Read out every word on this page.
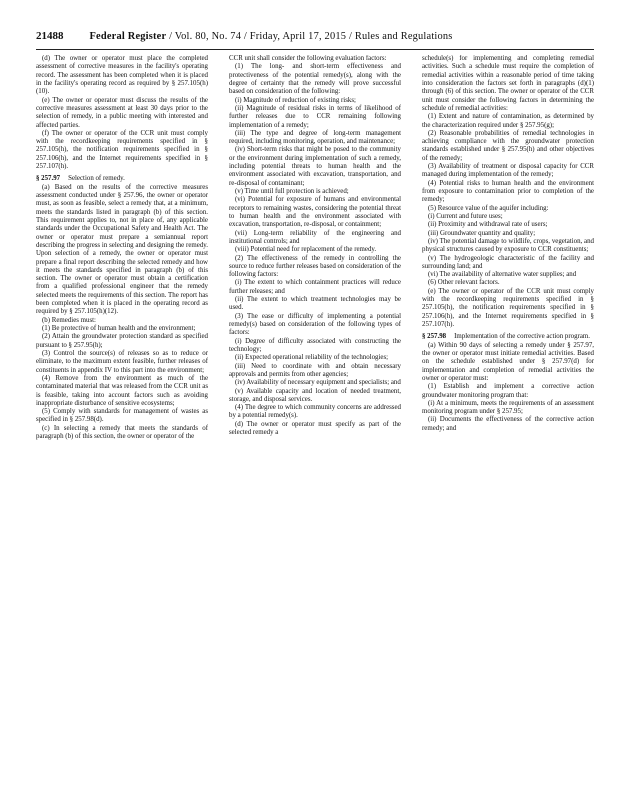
21488	Federal Register / Vol. 80, No. 74 / Friday, April 17, 2015 / Rules and Regulations

(d) The owner or operator must place the completed assessment of corrective measures in the facility's operating record. The assessment has been completed when it is placed in the facility's operating record as required by § 257.105(h)(10).

(e) The owner or operator must discuss the results of the corrective measures assessment at least 30 days prior to the selection of remedy, in a public meeting with interested and affected parties.

(f) The owner or operator of the CCR unit must comply with the recordkeeping requirements specified in § 257.105(h), the notification requirements specified in § 257.106(h), and the Internet requirements specified in § 257.107(h).

§ 257.97 Selection of remedy.

(a) Based on the results of the corrective measures assessment conducted under § 257.96, the owner or operator must, as soon as feasible, select a remedy that, at a minimum, meets the standards listed in paragraph (b) of this section. This requirement applies to, not in place of, any applicable standards under the Occupational Safety and Health Act. The owner or operator must prepare a semiannual report describing the progress in selecting and designing the remedy. Upon selection of a remedy, the owner or operator must prepare a final report describing the selected remedy and how it meets the standards specified in paragraph (b) of this section. The owner or operator must obtain a certification from a qualified professional engineer that the remedy selected meets the requirements of this section. The report has been completed when it is placed in the operating record as required by § 257.105(h)(12).

(b) Remedies must:

(1) Be protective of human health and the environment;

(2) Attain the groundwater protection standard as specified pursuant to § 257.95(h);

(3) Control the source(s) of releases so as to reduce or eliminate, to the maximum extent feasible, further releases of constituents in appendix IV to this part into the environment;

(4) Remove from the environment as much of the contaminated material that was released from the CCR unit as is feasible, taking into account factors such as avoiding inappropriate disturbance of sensitive ecosystems;

(5) Comply with standards for management of wastes as specified in § 257.98(d).

(c) In selecting a remedy that meets the standards of paragraph (b) of this section, the owner or operator of the

CCR unit shall consider the following evaluation factors:

(1) The long- and short-term effectiveness and protectiveness of the potential remedy(s), along with the degree of certainty that the remedy will prove successful based on consideration of the following:

(i) Magnitude of reduction of existing risks;

(ii) Magnitude of residual risks in terms of likelihood of further releases due to CCR remaining following implementation of a remedy;

(iii) The type and degree of long-term management required, including monitoring, operation, and maintenance;

(iv) Short-term risks that might be posed to the community or the environment during implementation of such a remedy, including potential threats to human health and the environment associated with excavation, transportation, and re-disposal of contaminant;

(v) Time until full protection is achieved;

(vi) Potential for exposure of humans and environmental receptors to remaining wastes, considering the potential threat to human health and the environment associated with excavation, transportation, re-disposal, or containment;

(vii) Long-term reliability of the engineering and institutional controls; and

(viii) Potential need for replacement of the remedy.

(2) The effectiveness of the remedy in controlling the source to reduce further releases based on consideration of the following factors:

(i) The extent to which containment practices will reduce further releases; and

(ii) The extent to which treatment technologies may be used.

(3) The ease or difficulty of implementing a potential remedy(s) based on consideration of the following types of factors:

(i) Degree of difficulty associated with constructing the technology;

(ii) Expected operational reliability of the technologies;

(iii) Need to coordinate with and obtain necessary approvals and permits from other agencies;

(iv) Availability of necessary equipment and specialists; and

(v) Available capacity and location of needed treatment, storage, and disposal services.

(4) The degree to which community concerns are addressed by a potential remedy(s).

(d) The owner or operator must specify as part of the selected remedy a

schedule(s) for implementing and completing remedial activities. Such a schedule must require the completion of remedial activities within a reasonable period of time taking into consideration the factors set forth in paragraphs (d)(1) through (6) of this section. The owner or operator of the CCR unit must consider the following factors in determining the schedule of remedial activities:

(1) Extent and nature of contamination, as determined by the characterization required under § 257.95(g);

(2) Reasonable probabilities of remedial technologies in achieving compliance with the groundwater protection standards established under § 257.95(h) and other objectives of the remedy;

(3) Availability of treatment or disposal capacity for CCR managed during implementation of the remedy;

(4) Potential risks to human health and the environment from exposure to contamination prior to completion of the remedy;

(5) Resource value of the aquifer including:

(i) Current and future uses;

(ii) Proximity and withdrawal rate of users;

(iii) Groundwater quantity and quality;

(iv) The potential damage to wildlife, crops, vegetation, and physical structures caused by exposure to CCR constituents;

(v) The hydrogeologic characteristic of the facility and surrounding land; and

(vi) The availability of alternative water supplies; and

(6) Other relevant factors.

(e) The owner or operator of the CCR unit must comply with the recordkeeping requirements specified in § 257.105(h), the notification requirements specified in § 257.106(h), and the Internet requirements specified in § 257.107(h).

§ 257.98 Implementation of the corrective action program.

(a) Within 90 days of selecting a remedy under § 257.97, the owner or operator must initiate remedial activities. Based on the schedule established under § 257.97(d) for implementation and completion of remedial activities the owner or operator must:

(1) Establish and implement a corrective action groundwater monitoring program that:

(i) At a minimum, meets the requirements of an assessment monitoring program under § 257.95;

(ii) Documents the effectiveness of the corrective action remedy; and
